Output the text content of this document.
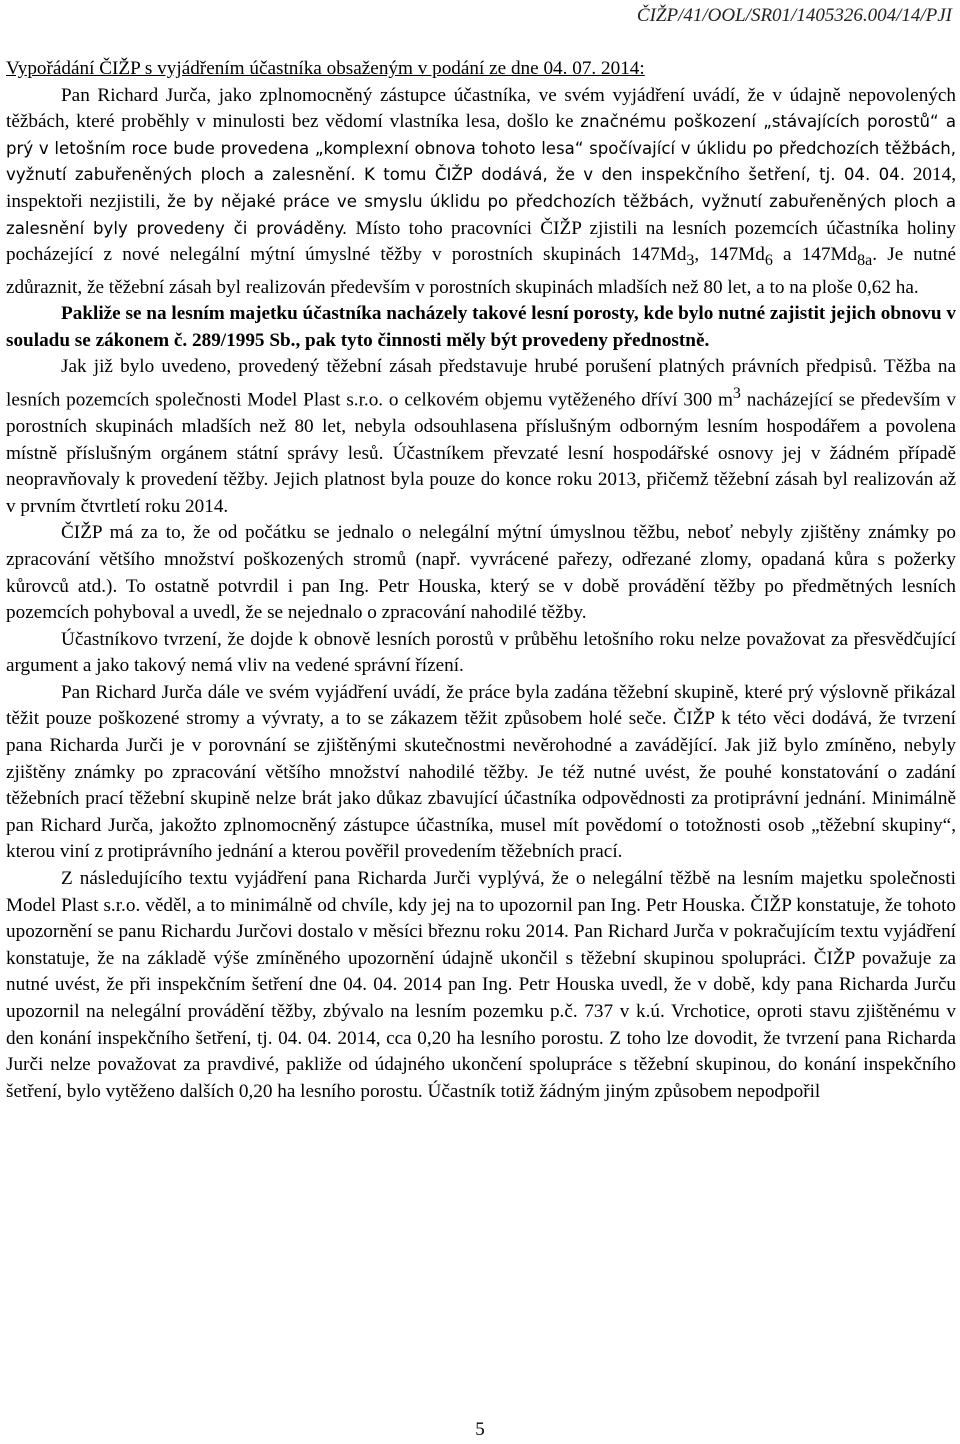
ČIŽP/41/OOL/SR01/1405326.004/14/PJI
Vypořádání ČIŽP s vyjádřením účastníka obsaženým v podání ze dne 04. 07. 2014:

Pan Richard Jurča, jako zplnomocněný zástupce účastníka, ve svém vyjádření uvádí, že v údajně nepovolených těžbách, které proběhly v minulosti bez vědomí vlastníka lesa, došlo ke značnému poškození „stávajících porostů“ a prý v letošním roce bude provedena „komplexní obnova tohoto lesa“ spočívající v úklidu po předchozích těžbách, vyžnutí zabuřeněných ploch a zalesnění. K tomu ČIŽP dodává, že v den inspekčního šetření, tj. 04. 04. 2014, inspektoři nezjistili, že by nějaké práce ve smyslu úklidu po předchozích těžbách, vyžnutí zabuřeněných ploch a zalesnění byly provedeny či prováděny. Místo toho pracovníci ČIŽP zjistili na lesních pozemcích účastníka holiny pocházející z nové nelegální mýtní úmyslné těžby v porostních skupinách $147Md_3$, $147Md_6$ a $147Md_{8a}$. Je nutné zdůraznit, že těžební zásah byl realizován především v porostních skupinách mladších než 80 let, a to na ploše 0,62 ha.

Pakliže se na lesním majetku účastníka nacházely takové lesní porosty, kde bylo nutné zajistit jejich obnovu v souladu se zákonem č. 289/1995 Sb., pak tyto činnosti měly být provedeny přednostně.

Jak již bylo uvedeno, provedený těžební zásah představuje hrubé porušení platných právních předpisů. Těžba na lesních pozemcích společnosti Model Plast s.r.o. o celkovém objemu vytěženého dříví 300 $m^3$ nacházející se především v porostních skupinách mladších než 80 let, nebyla odsouhlasena příslušným odborným lesním hospodářem a povolena místně příslušným orgánem státní správy lesů. Účastníkem převzaté lesní hospodářské osnovy jej v žádném případě neopravňovaly k provedení těžby. Jejich platnost byla pouze do konce roku 2013, přičemž těžební zásah byl realizován až v prvním čtvrtletí roku 2014.

ČIŽP má za to, že od počátku se jednalo o nelegální mýtní úmyslnou těžbu, neboť nebyly zjištěny známky po zpracování většího množství poškozených stromů (např. vyvrácené pařezy, odřezané zlomy, opadaná kůra s požerky kůrovců atd.). To ostatně potvrdil i pan Ing. Petr Houska, který se v době provádění těžby po předmětných lesních pozemcích pohyboval a uvedl, že se nejednalo o zpracování nahodilé těžby.

Účastníkovo tvrzení, že dojde k obnově lesních porostů v průběhu letošního roku nelze považovat za přesvědčující argument a jako takový nemá vliv na vedené správní řízení.

Pan Richard Jurča dále ve svém vyjádření uvádí, že práce byla zadána těžební skupině, které prý výslovně přikázal těžit pouze poškozené stromy a vývraty, a to se zákazem těžit způsobem holé seče. ČIŽP k této věci dodává, že tvrzení pana Richarda Jurči je v porovnání se zjištěnými skutečnostmi nevěrohodné a zavádějící. Jak již bylo zmíněno, nebyly zjištěny známky po zpracování většího množství nahodilé těžby. Je též nutné uvést, že pouhé konstatování o zadání těžebních prací těžební skupině nelze brát jako důkaz zbavující účastníka odpovědnosti za protiprávní jednání. Minimálně pan Richard Jurča, jakožto zplnomocněný zástupce účastníka, musel mít povědomí o totožnosti osob „těžební skupiny“, kterou viní z protiprávního jednání a kterou pověřil provedením těžebních prací.

Z následujícího textu vyjádření pana Richarda Jurči vyplývá, že o nelegální těžbě na lesním majetku společnosti Model Plast s.r.o. věděl, a to minimálně od chvíle, kdy jej na to upozornil pan Ing. Petr Houska. ČIŽP konstatuje, že tohoto upozornění se panu Richardu Jurčovi dostalo v měsíci březnu roku 2014. Pan Richard Jurča v pokračujícím textu vyjádření konstatuje, že na základě výše zmíněného upozornění údajně ukončil s těžební skupinou spolupráci. ČIŽP považuje za nutné uvést, že při inspekčním šetření dne 04. 04. 2014 pan Ing. Petr Houska uvedl, že v době, kdy pana Richarda Jurču upozornil na nelegální provádění těžby, zbývalo na lesním pozemku p.č. 737 v k.ú. Vrchotice, oproti stavu zjištěnému v den konání inspekčního šetření, tj. 04. 04. 2014, cca 0,20 ha lesního porostu. Z toho lze dovodit, že tvrzení pana Richarda Jurči nelze považovat za pravdivé, pakliže od údajného ukončení spolupráce s těžební skupinou, do konání inspekčního šetření, bylo vytěženo dalších 0,20 ha lesního porostu. Účastník totiž žádným jiným způsobem nepodpořil

5
